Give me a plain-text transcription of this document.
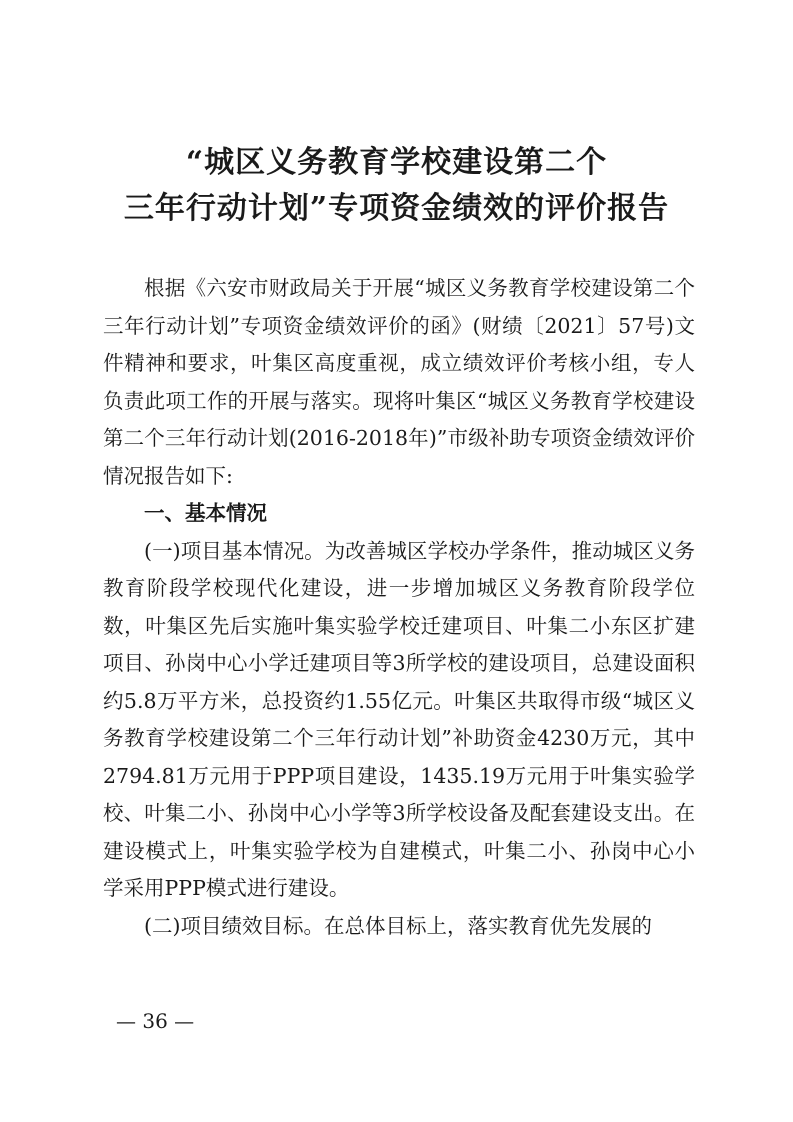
“城区义务教育学校建设第二个
三年行动计划”专项资金绩效的评价报告

根据《六安市财政局关于开展“城区义务教育学校建设第二个三年行动计划”专项资金绩效评价的函》(财绩〔2021〕57号)文件精神和要求，叶集区高度重视，成立绩效评价考核小组，专人负责此项工作的开展与落实。现将叶集区“城区义务教育学校建设第二个三年行动计划(2016-2018年)”市级补助专项资金绩效评价情况报告如下:

一、基本情况

(一)项目基本情况。为改善城区学校办学条件，推动城区义务教育阶段学校现代化建设，进一步增加城区义务教育阶段学位数，叶集区先后实施叶集实验学校迁建项目、叶集二小东区扩建项目、孙岗中心小学迁建项目等3所学校的建设项目，总建设面积约5.8万平方米，总投资约1.55亿元。叶集区共取得市级“城区义务教育学校建设第二个三年行动计划”补助资金4230万元，其中2794.81万元用于PPP项目建设，1435.19万元用于叶集实验学校、叶集二小、孙岗中心小学等3所学校设备及配套建设支出。在建设模式上，叶集实验学校为自建模式，叶集二小、孙岗中心小学采用PPP模式进行建设。

(二)项目绩效目标。在总体目标上，落实教育优先发展的

— 36 —
